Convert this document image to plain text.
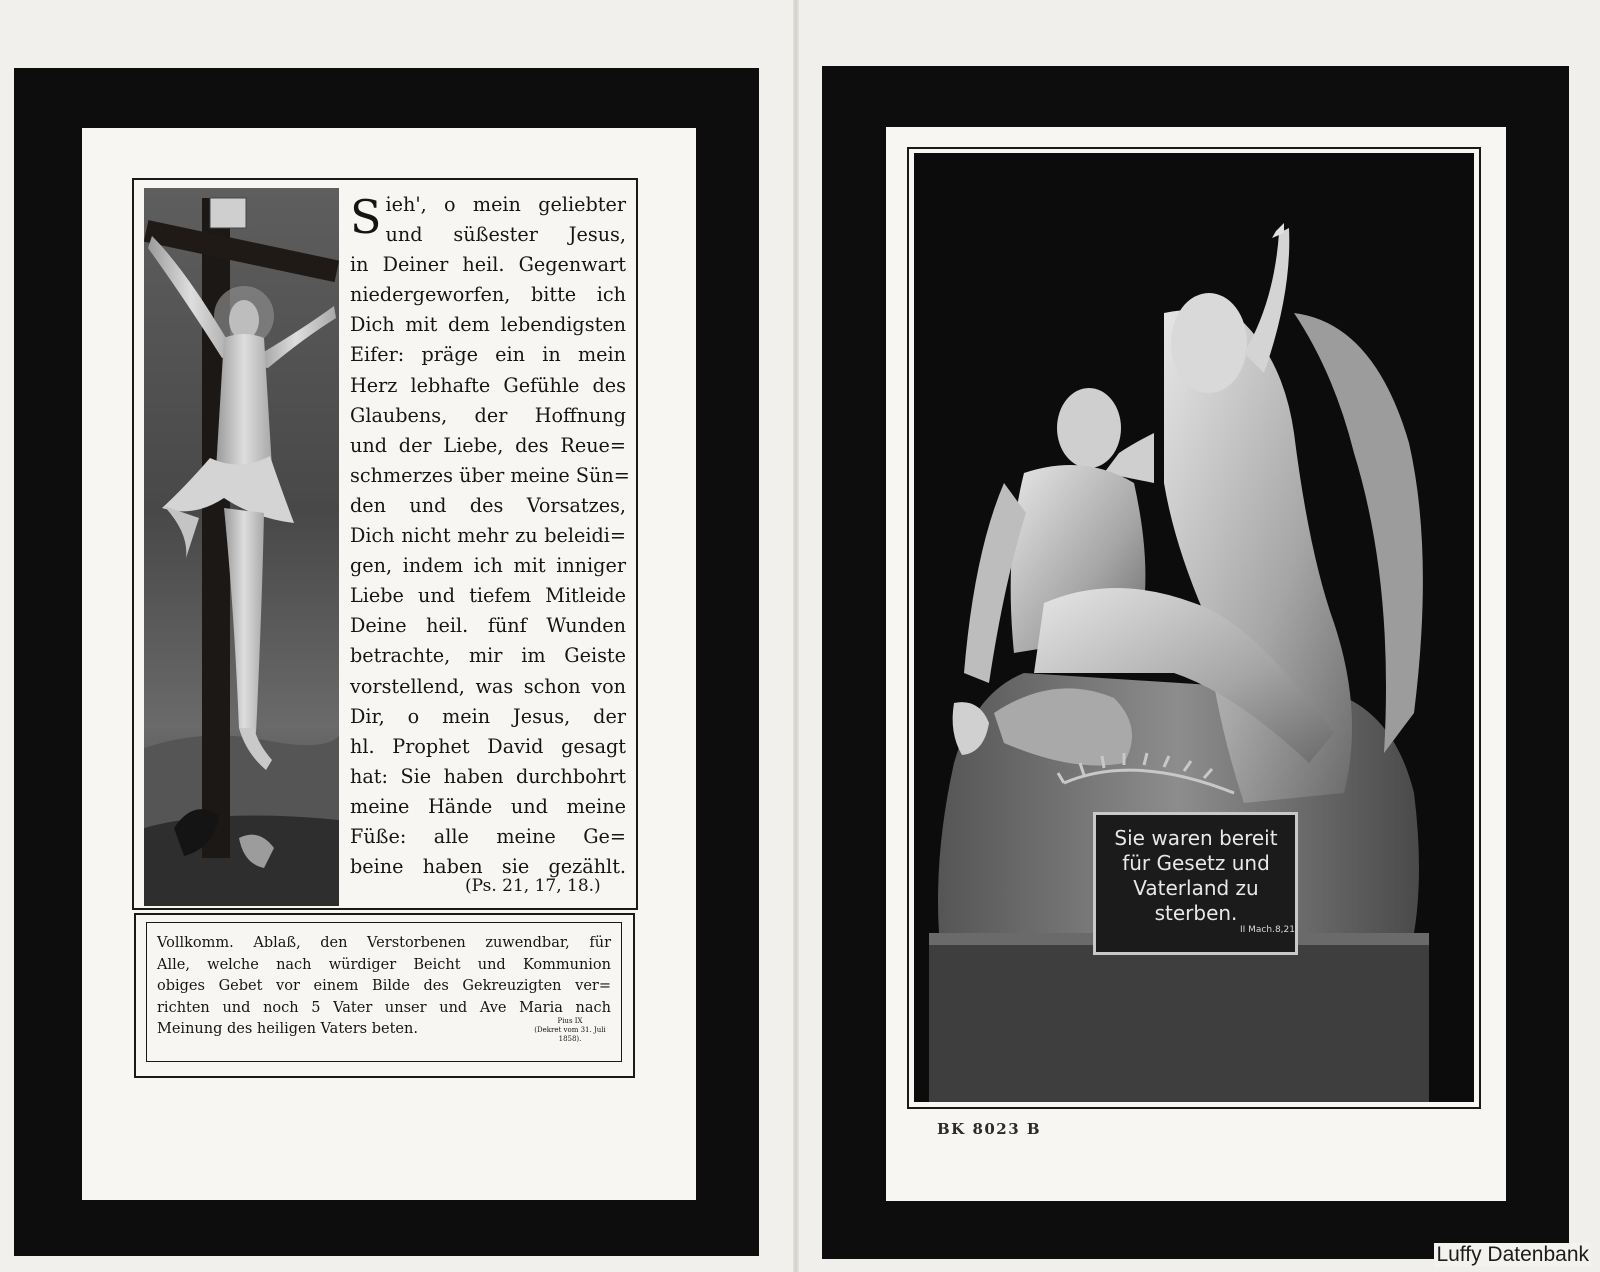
S ieh', o mein geliebter
und süßester Jesus,
in Deiner heil. Gegenwart
niedergeworfen, bitte ich
Dich mit dem lebendigsten
Eifer: präge ein in mein
Herz lebhafte Gefühle des
Glaubens, der Hoffnung
und der Liebe, des Reue=
schmerzes über meine Sün=
den und des Vorsatzes,
Dich nicht mehr zu beleidi=
gen, indem ich mit inniger
Liebe und tiefem Mitleide
Deine heil. fünf Wunden
betrachte, mir im Geiste
vorstellend, was schon von
Dir, o mein Jesus, der
hl. Prophet David gesagt
hat: Sie haben durchbohrt
meine Hände und meine
Füße: alle meine Ge=
beine haben sie gezählt.
(Ps. 21, 17, 18.)
Vollkomm. Ablaß, den Verstorbenen zuwendbar, für
Alle, welche nach würdiger Beicht und Kommunion
obiges Gebet vor einem Bilde des Gekreuzigten ver=
richten und noch 5 Vater unser und Ave Maria nach
Meinung des heiligen Vaters beten.	Pius IX
(Dekret vom 31. Juli 1858).
Sie waren bereit
für Gesetz und
Vaterland zu
sterben.
II Mach.8,21
BK 8023 B
Luffy Datenbank
